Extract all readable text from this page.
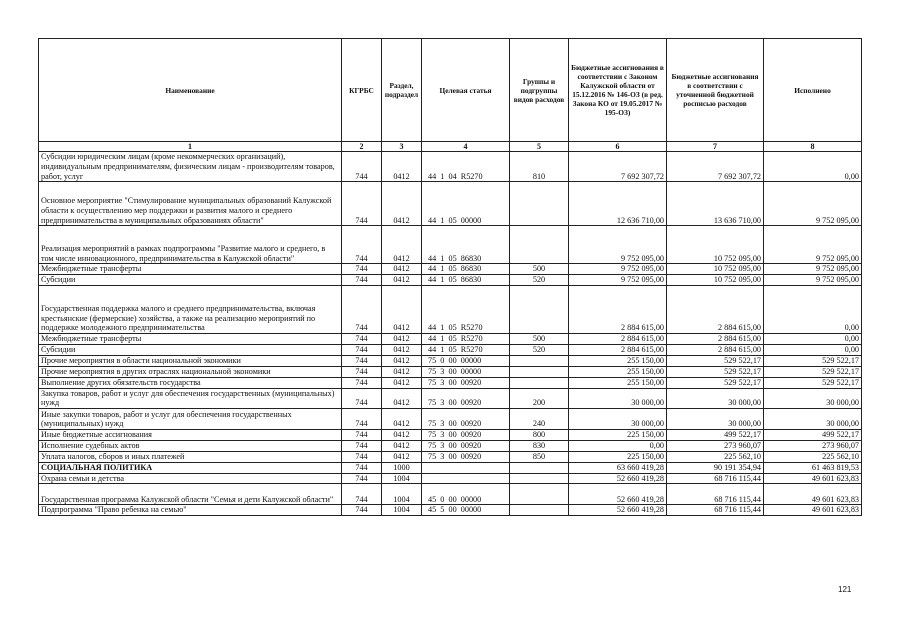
Наименование	КГРБС	Раздел, подраздел	Целевая статья	Группы и подгруппы видов расходов	Бюджетные ассигнования в соответствии с Законом Калужской области от 15.12.2016 № 146-ОЗ (в ред. Закона КО от 19.05.2017 № 195-ОЗ)	Бюджетные ассигнования в соответствии с уточненной бюджетной росписью расходов	Исполнено
1	2	3	4	5	6	7	8
Субсидии юридическим лицам (кроме некоммерческих организаций), индивидуальным предпринимателям, физическим лицам - производителям товаров, работ, услуг	744	0412	44  1  04  R5270	810	7 692 307,72	7 692 307,72	0,00
Основное мероприятие "Стимулирование муниципальных образований Калужской области к осуществлению мер поддержки и развития малого и среднего предпринимательства в муниципальных образованиях области"	744	0412	44  1  05  00000		12 636 710,00	13 636 710,00	9 752 095,00
Реализация мероприятий в рамках подпрограммы "Развитие малого и среднего, в том числе инновационного, предпринимательства в Калужской области"	744	0412	44  1  05  86830		9 752 095,00	10 752 095,00	9 752 095,00
Межбюджетные трансферты	744	0412	44  1  05  86830	500	9 752 095,00	10 752 095,00	9 752 095,00
Субсидии	744	0412	44  1  05  86830	520	9 752 095,00	10 752 095,00	9 752 095,00
Государственная поддержка малого и среднего предпринимательства, включая крестьянские (фермерские) хозяйства, а также на реализацию мероприятий по поддержке молодежного предпринимательства	744	0412	44  1  05  R5270		2 884 615,00	2 884 615,00	0,00
Межбюджетные трансферты	744	0412	44  1  05  R5270	500	2 884 615,00	2 884 615,00	0,00
Субсидии	744	0412	44  1  05  R5270	520	2 884 615,00	2 884 615,00	0,00
Прочие мероприятия в области национальной экономики	744	0412	75  0  00  00000		255 150,00	529 522,17	529 522,17
Прочие мероприятия в других отраслях национальной экономики	744	0412	75  3  00  00000		255 150,00	529 522,17	529 522,17
Выполнение других обязательств государства	744	0412	75  3  00  00920		255 150,00	529 522,17	529 522,17
Закупка товаров, работ и услуг для обеспечения государственных (муниципальных) нужд	744	0412	75  3  00  00920	200	30 000,00	30 000,00	30 000,00
Иные закупки товаров, работ и услуг для обеспечения государственных (муниципальных) нужд	744	0412	75  3  00  00920	240	30 000,00	30 000,00	30 000,00
Иные бюджетные ассигнования	744	0412	75  3  00  00920	800	225 150,00	499 522,17	499 522,17
Исполнение судебных актов	744	0412	75  3  00  00920	830	0,00	273 960,07	273 960,07
Уплата налогов, сборов и иных платежей	744	0412	75  3  00  00920	850	225 150,00	225 562,10	225 562,10
СОЦИАЛЬНАЯ ПОЛИТИКА	744	1000			63 660 419,28	90 191 354,94	61 463 819,53
Охрана семьи и детства	744	1004			52 660 419,28	68 716 115,44	49 601 623,83
Государственная программа Калужской области "Семья и дети Калужской области"	744	1004	45  0  00  00000		52 660 419,28	68 716 115,44	49 601 623,83
Подпрограмма "Право ребенка на семью"	744	1004	45  5  00  00000		52 660 419,28	68 716 115,44	49 601 623,83
121
